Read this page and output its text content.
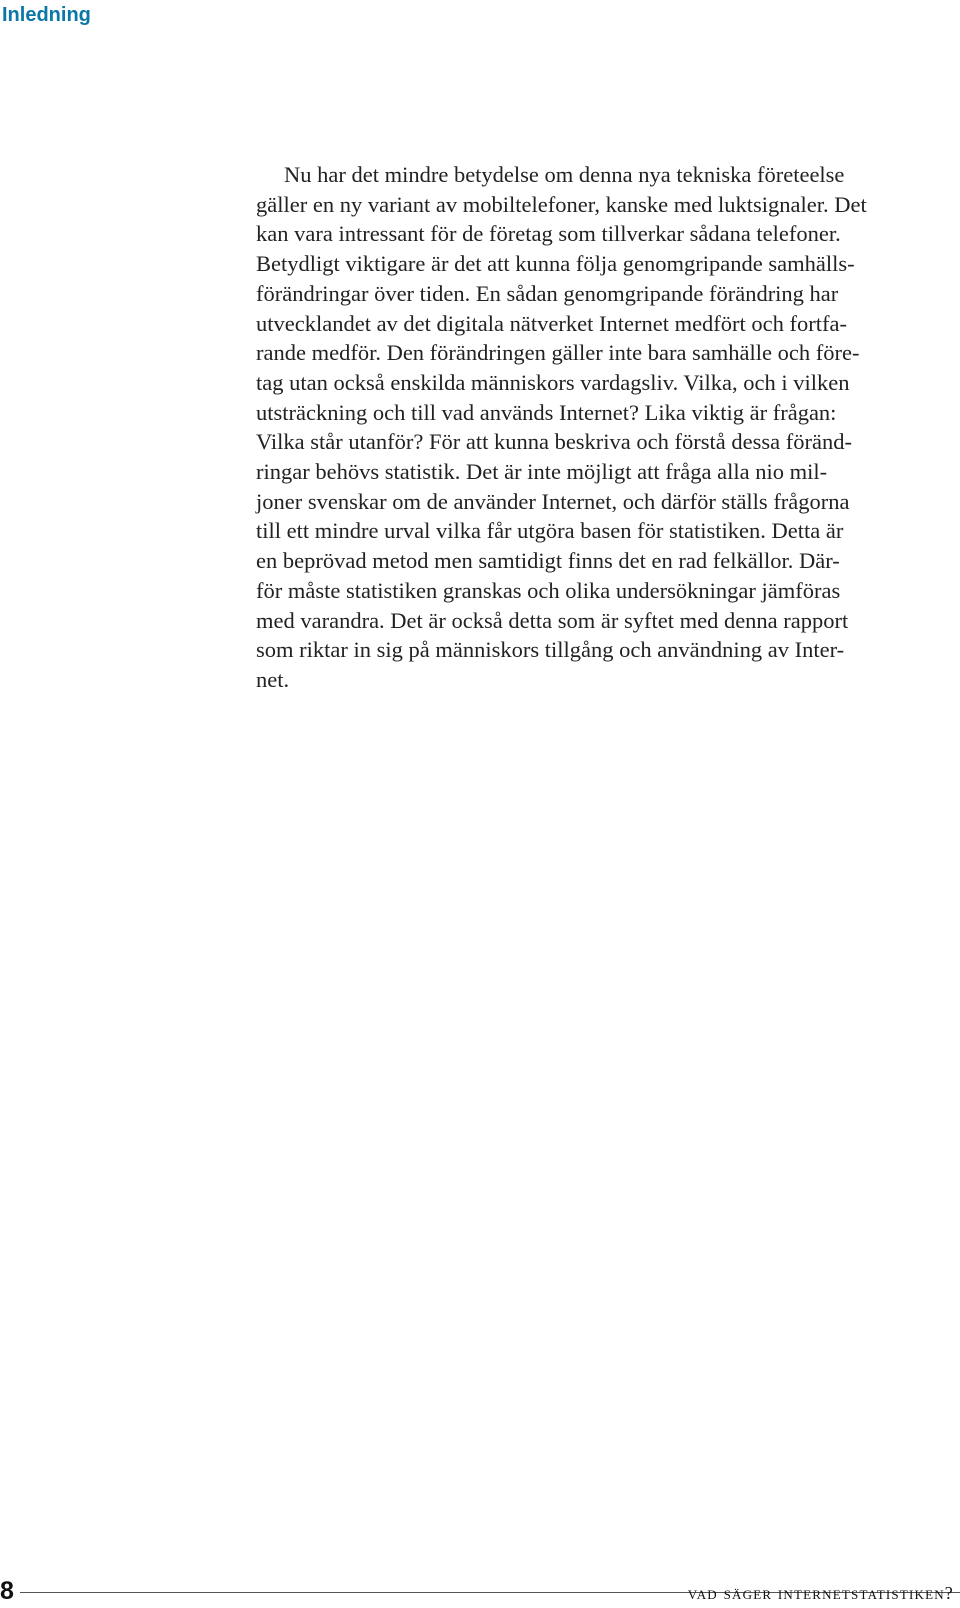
Inledning
Nu har det mindre betydelse om denna nya tekniska företeelse
gäller en ny variant av mobiltelefoner, kanske med luktsignaler. Det
kan vara intressant för de företag som tillverkar sådana telefoner.
Betydligt viktigare är det att kunna följa genomgripande samhälls-
förändringar över tiden. En sådan genomgripande förändring har
utvecklandet av det digitala nätverket Internet medfört och fortfa-
rande medför. Den förändringen gäller inte bara samhälle och före-
tag utan också enskilda människors vardagsliv. Vilka, och i vilken
utsträckning och till vad används Internet? Lika viktig är frågan:
Vilka står utanför? För att kunna beskriva och förstå dessa föränd-
ringar behövs statistik. Det är inte möjligt att fråga alla nio mil-
joner svenskar om de använder Internet, och därför ställs frågorna
till ett mindre urval vilka får utgöra basen för statistiken. Detta är
en beprövad metod men samtidigt finns det en rad felkällor. Där-
för måste statistiken granskas och olika undersökningar jämföras
med varandra. Det är också detta som är syftet med denna rapport
som riktar in sig på människors tillgång och användning av Inter-
net.
8	vad säger internetstatistiken?
